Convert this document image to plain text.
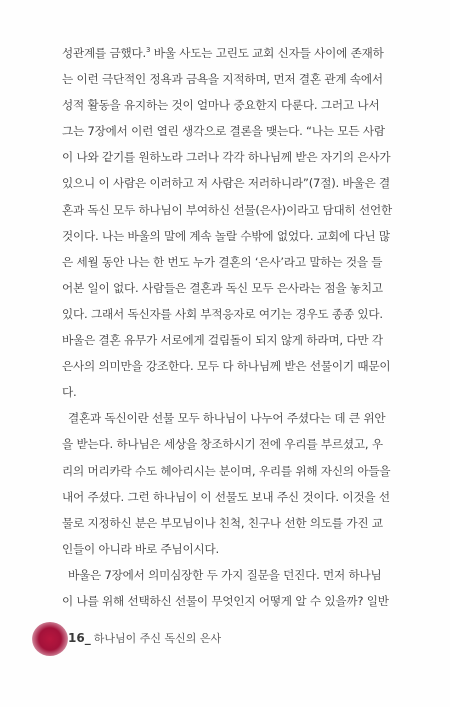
성관계를 금했다.$^3$ 바울 사도는 고린도 교회 신자들 사이에 존재하
는 이런 극단적인 정욕과 금욕을 지적하며, 먼저 결혼 관계 속에서
성적 활동을 유지하는 것이 얼마나 중요한지 다룬다. 그러고 나서
그는 7장에서 이런 열린 생각으로 결론을 맺는다. “나는 모든 사람
이 나와 같기를 원하노라 그러나 각각 하나님께 받은 자기의 은사가
있으니 이 사람은 이러하고 저 사람은 저러하니라”(7절). 바울은 결
혼과 독신 모두 하나님이 부여하신 선물(은사)이라고 담대히 선언한
것이다. 나는 바울의 말에 계속 놀랄 수밖에 없었다. 교회에 다닌 많
은 세월 동안 나는 한 번도 누가 결혼의 ‘은사’라고 말하는 것을 들
어본 일이 없다. 사람들은 결혼과 독신 모두 은사라는 점을 놓치고
있다. 그래서 독신자를 사회 부적응자로 여기는 경우도 종종 있다.
바울은 결혼 유무가 서로에게 걸림돌이 되지 않게 하라며, 다만 각
은사의 의미만을 강조한다. 모두 다 하나님께 받은 선물이기 때문이
다.
결혼과 독신이란 선물 모두 하나님이 나누어 주셨다는 데 큰 위안
을 받는다. 하나님은 세상을 창조하시기 전에 우리를 부르셨고, 우
리의 머리카락 수도 헤아리시는 분이며, 우리를 위해 자신의 아들을
내어 주셨다. 그런 하나님이 이 선물도 보내 주신 것이다. 이것을 선
물로 지정하신 분은 부모님이나 친척, 친구나 선한 의도를 가진 교
인들이 아니라 바로 주님이시다.
바울은 7장에서 의미심장한 두 가지 질문을 던진다. 먼저 하나님
이 나를 위해 선택하신 선물이 무엇인지 어떻게 알 수 있을까? 일반
16_ 하나님이 주신 독신의 은사
